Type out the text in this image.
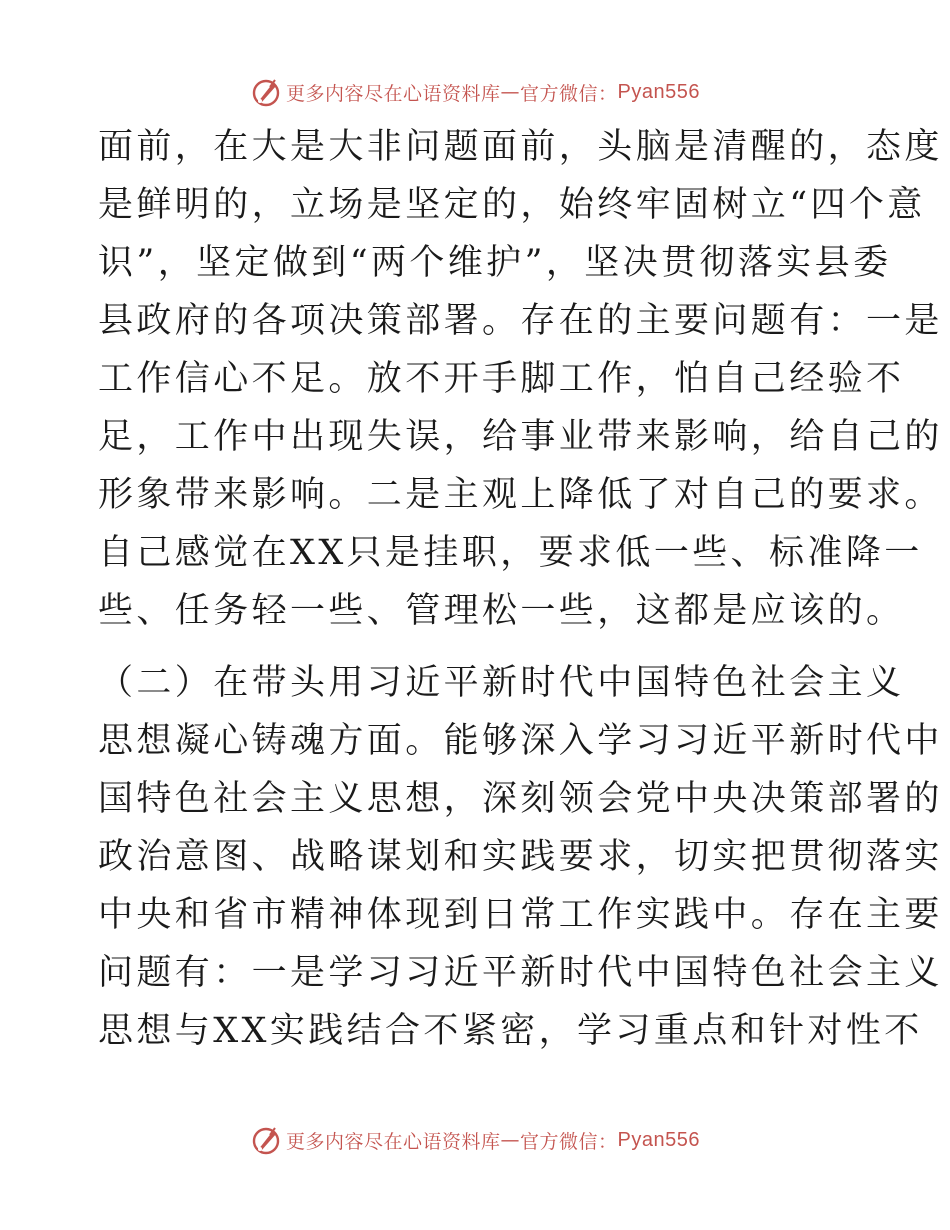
更多内容尽在心语资料库 — 官方微信： Pyan556
面前，在大是大非问题面前，头脑是清醒的，态度
是鲜明的，立场是坚定的，始终牢固树立“四个意
识”，坚定做到“两个维护”，坚决贯彻落实县委
县政府的各项决策部署。存在的主要问题有：一是
工作信心不足。放不开手脚工作，怕自己经验不
足，工作中出现失误，给事业带来影响，给自己的
形象带来影响。二是主观上降低了对自己的要求。
自己感觉在XX只是挂职，要求低一些、标准降一
些、任务轻一些、管理松一些，这都是应该的。
（二）在带头用习近平新时代中国特色社会主义
思想凝心铸魂方面。能够深入学习习近平新时代中
国特色社会主义思想，深刻领会党中央决策部署的
政治意图、战略谋划和实践要求，切实把贯彻落实
中央和省市精神体现到日常工作实践中。存在主要
问题有：一是学习习近平新时代中国特色社会主义
思想与XX实践结合不紧密，学习重点和针对性不
更多内容尽在心语资料库 — 官方微信： Pyan556
